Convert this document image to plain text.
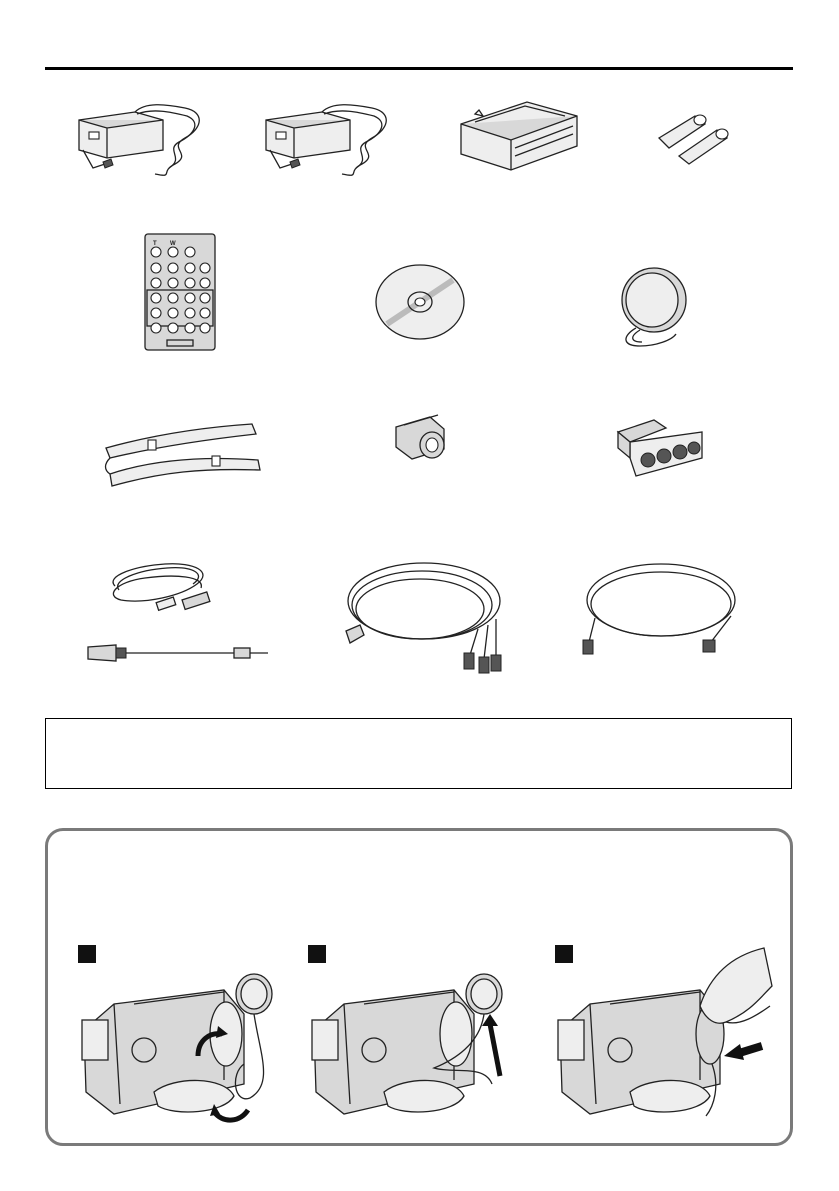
T W
